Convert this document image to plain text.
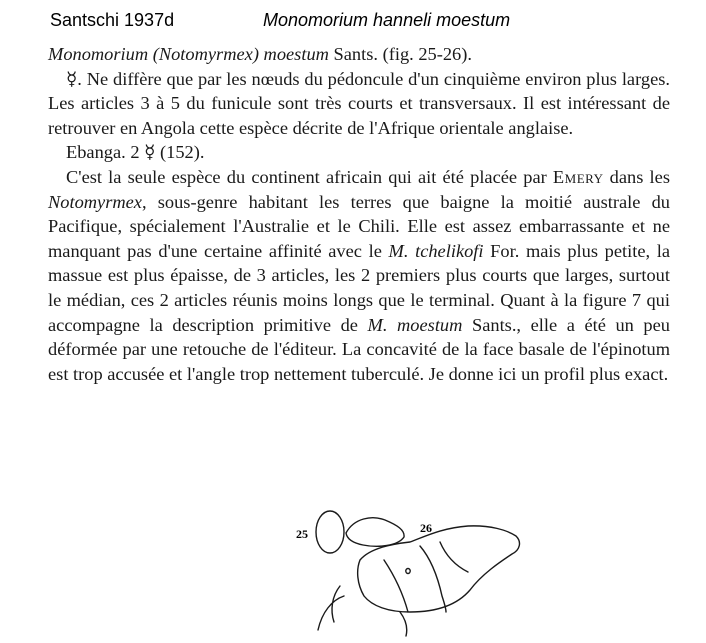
Santschi 1937d	Monomorium hanneli moestum

Monomorium (Notomyrmex) moestum Sants. (fig. 25-26).

☿. Ne diffère que par les nœuds du pédoncule d'un cinquième environ plus larges. Les articles 3 à 5 du funicule sont très courts et transversaux. Il est intéressant de retrouver en Angola cette espèce décrite de l'Afrique orientale anglaise.

Ebanga. 2 ☿ (152).

C'est la seule espèce du continent africain qui ait été placée par Emery dans les Notomyrmex, sous-genre habitant les terres que baigne la moitié australe du Pacifique, spécialement l'Australie et le Chili. Elle est assez embarrassante et ne manquant pas d'une certaine affinité avec le M. tchelikofi For. mais plus petite, la massue est plus épaisse, de 3 articles, les 2 premiers plus courts que larges, surtout le médian, ces 2 articles réunis moins longs que le terminal. Quant à la figure 7 qui accompagne la description primitive de M. moestum Sants., elle a été un peu déformée par une retouche de l'éditeur. La concavité de la face basale de l'épinotum est trop accusée et l'angle trop nettement tuberculé. Je donne ici un profil plus exact.

25	26
